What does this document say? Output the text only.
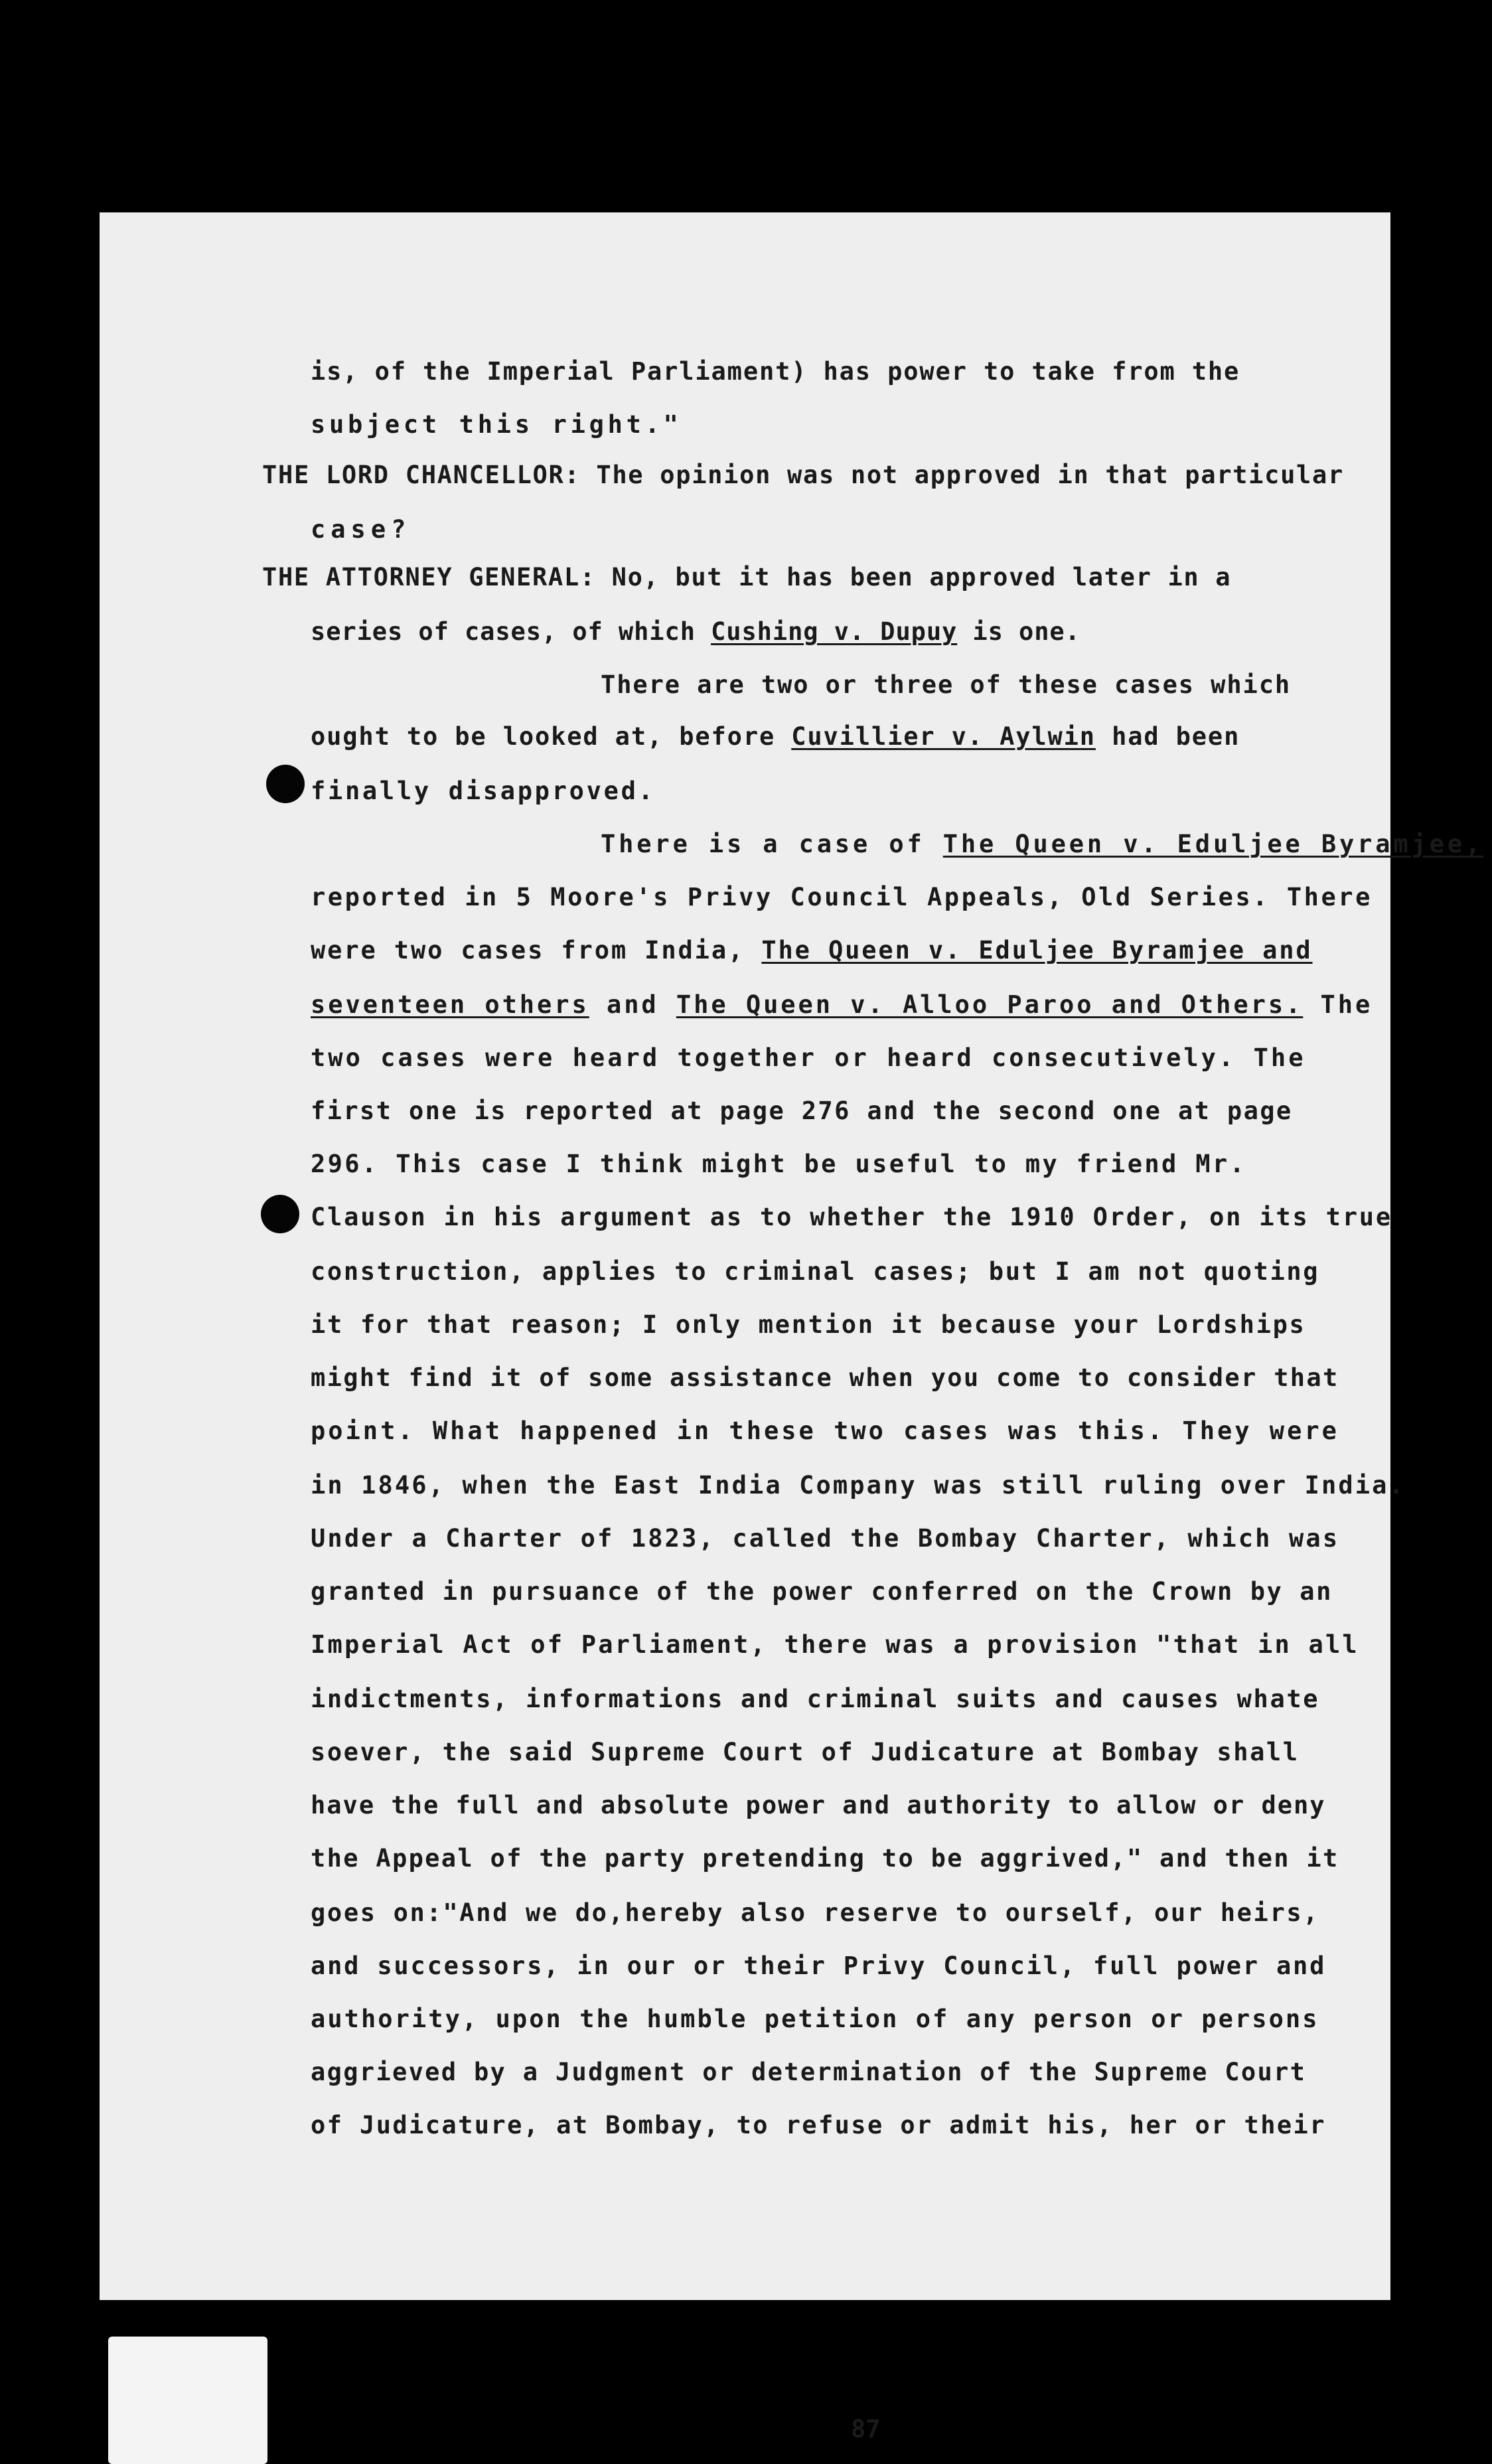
is, of the Imperial Parliament) has power to take from the
subject this right."
THE LORD CHANCELLOR: The opinion was not approved in that particular
case?
THE ATTORNEY GENERAL: No, but it has been approved later in a
series of cases, of which Cushing v. Dupuy is one.
There are two or three of these cases which
ought to be looked at, before Cuvillier v. Aylwin had been
finally disapproved.
There is a case of The Queen v. Eduljee Byramjee,
reported in 5 Moore's Privy Council Appeals, Old Series. There
were two cases from India, The Queen v. Eduljee Byramjee and
seventeen others and The Queen v. Alloo Paroo and Others. The
two cases were heard together or heard consecutively. The
first one is reported at page 276 and the second one at page
296. This case I think might be useful to my friend Mr.
Clauson in his argument as to whether the 1910 Order, on its true
construction, applies to criminal cases; but I am not quoting
it for that reason; I only mention it because your Lordships
might find it of some assistance when you come to consider that
point. What happened in these two cases was this. They were
in 1846, when the East India Company was still ruling over India.
Under a Charter of 1823, called the Bombay Charter, which was
granted in pursuance of the power conferred on the Crown by an
Imperial Act of Parliament, there was a provision "that in all
indictments, informations and criminal suits and causes whate
soever, the said Supreme Court of Judicature at Bombay shall
have the full and absolute power and authority to allow or deny
the Appeal of the party pretending to be aggrived," and then it
goes on:"And we do,hereby also reserve to ourself, our heirs,
and successors, in our or their Privy Council, full power and
authority, upon the humble petition of any person or persons
aggrieved by a Judgment or determination of the Supreme Court
of Judicature, at Bombay, to refuse or admit his, her or their
87
